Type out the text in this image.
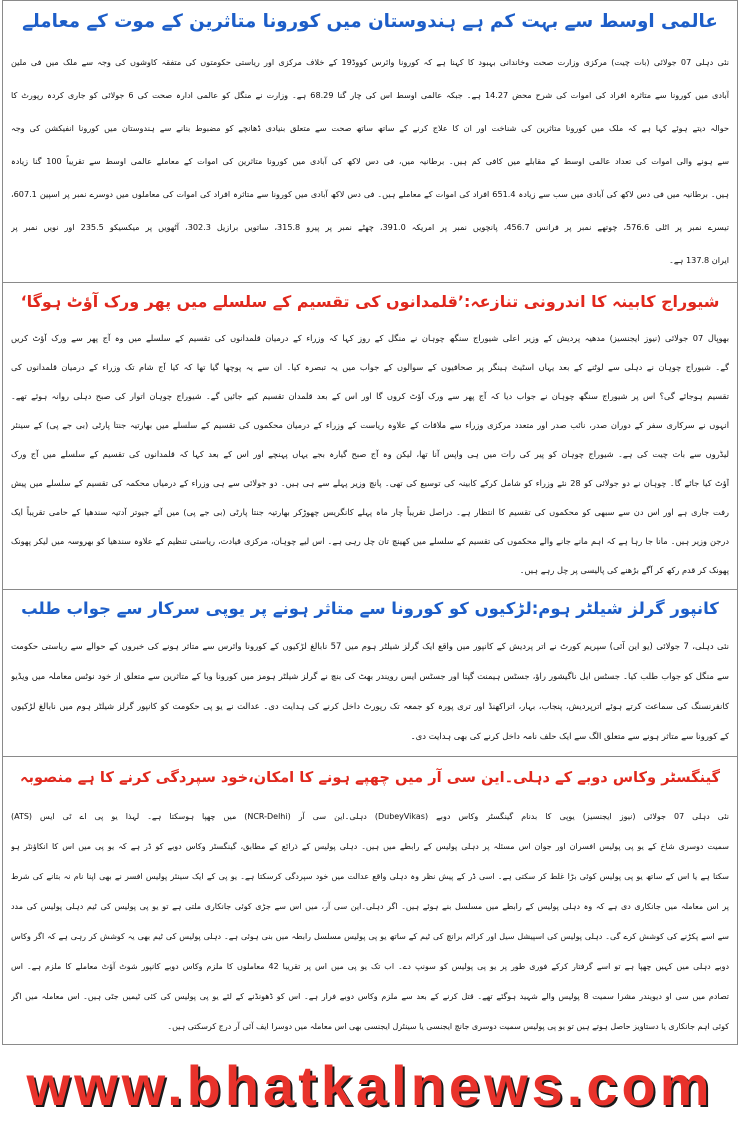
عالمی اوسط سے بہت کم ہے ہندوستان میں کورونا متاثرین کے موت کے معاملے
نئی دہلی 07 جولائی (بات چیت) مرکزی وزارت صحت وخاندانی بہبود کا کہنا ہے کہ کورونا وائرس کووڈ19 کے خلاف مرکزی اور ریاستی حکومتوں کی متفقہ کاوشوں کی وجہ سے ملک میں فی ملین
آبادی میں کورونا سے متاثرہ افراد کی اموات کی شرح محض 14.27 ہے۔ جبکہ عالمی اوسط اس کی چار گنا 68.29 ہے۔ وزارت نے منگل کو عالمی ادارہ صحت کی 6 جولائی کو جاری کردہ رپورٹ کا
حوالہ دیتے ہوئے کہا ہے کہ ملک میں کورونا متاثرین کی شناخت اور ان کا علاج کرنے کے ساتھ ساتھ صحت سے متعلق بنیادی ڈھانچے کو مضبوط بنانے سے ہندوستان میں کورونا انفیکشن کی وجہ
سے ہونے والی اموات کی تعداد عالمی اوسط کے مقابلے میں کافی کم ہیں۔ برطانیہ میں، فی دس لاکھ کی آبادی میں کورونا متاثرین کی اموات کے معاملے عالمی اوسط سے تقریباً 100 گنا زیادہ
ہیں۔ برطانیہ میں فی دس لاکھ کی آبادی میں سب سے زیادہ 651.4 افراد کی اموات کے معاملے ہیں۔ فی دس لاکھ آبادی میں کورونا سے متاثرہ افراد کی اموات کی معاملوں میں دوسرے نمبر پر اسپین 607.1،
تیسرے نمبر پر اٹلی 576.6، چوتھے نمبر پر فرانس 456.7، پانچویں نمبر پر امریکہ 391.0، چھٹے نمبر پر پیرو 315.8، ساتویں برازیل 302.3، آٹھویں پر میکسیکو 235.5 اور نویں نمبر پر
ایران 137.8 ہے۔
شیوراج کابینہ کا اندرونی تنازعہ:’قلمدانوں کی تقسیم کے سلسلے میں پھر ورک آؤٹ ہوگا‘
بھوپال 07 جولائی (نیوز ایجنسیز) مدھیہ پردیش کے وزیر اعلی شیوراج سنگھ چوہان نے منگل کے روز کہا کہ وزراء کے درمیان قلمدانوں کی تقسیم کے سلسلے میں وہ آج پھر سے ورک آؤٹ کریں
گے۔ شیوراج چوہان نے دہلی سے لوٹنے کے بعد یہاں اسٹیٹ ہینگر پر صحافیوں کے سوالوں کے جواب میں یہ تبصرہ کیا۔ ان سے یہ پوچھا گیا تھا کہ کیا آج شام تک وزراء کے درمیان قلمدانوں کی
تقسیم ہوجائے گی؟ اس پر شیوراج سنگھ چوہان نے جواب دیا کہ آج پھر سے ورک آؤٹ کروں گا اور اس کے بعد قلمدان تقسیم کیے جائیں گے۔ شیوراج چوہان اتوار کی صبح دہلی روانہ ہوئے تھے۔
انہوں نے سرکاری سفر کے دوران صدر، نائب صدر اور متعدد مرکزی وزراء سے ملاقات کے علاوہ ریاست کے وزراء کے درمیان محکموں کی تقسیم کے سلسلے میں بھارتیہ جنتا پارٹی (بی جے پی) کے سینئر
لیڈروں سے بات چیت کی ہے۔ شیوراج چوہان کو پیر کی رات میں ہی واپس آنا تھا، لیکن وہ آج صبح گیارہ بجے یہاں پہنچے اور اس کے بعد کہا کہ قلمدانوں کی تقسیم کے سلسلے میں آج ورک
آؤٹ کیا جائے گا۔ چوہان نے دو جولائی کو 28 نئے وزراء کو شامل کرکے کابینہ کی توسیع کی تھی۔ پانچ وزیر پہلے سے ہی ہیں۔ دو جولائی سے ہی وزراء کے درمیاں محکمہ کی تقسیم کے سلسلے میں پیش
رفت جاری ہے اور اس دن سے سبھی کو محکموں کی تقسیم کا انتظار ہے۔ دراصل تقریباً چار ماہ پہلے کانگریس چھوڑکر بھارتیہ جنتا پارٹی (بی جے پی) میں آئے جیوتر آدتیہ سندھیا کے حامی تقریباً ایک
درجن وزیر ہیں۔ مانا جا رہا ہے کہ اہم مانے جانے والے محکموں کی تقسیم کے سلسلے میں کھینچ تان چل رہی ہے۔ اس لیے چوہان، مرکزی قیادت، ریاستی تنظیم کے علاوہ سندھیا کو بھروسہ میں لیکر پھونک
پھونک کر قدم رکھ کر آگے بڑھنے کی پالیسی پر چل رہے ہیں۔
کانپور گرلز شیلٹر ہوم:لڑکیوں کو کورونا سے متاثر ہونے پر یوپی سرکار سے جواب طلب
نئی دہلی، 7 جولائی (یو این آئی) سپریم کورٹ نے اتر پردیش کے کانپور میں واقع ایک گرلز شیلٹر ہوم میں 57 نابالغ لڑکیوں کے کورونا وائرس سے متاثر ہونے کی خبروں کے حوالے سے ریاستی حکومت
سے منگل کو جواب طلب کیا۔ جسٹس ایل ناگیشور راؤ، جسٹس ہیمنت گپتا اور جسٹس ایس رویندر بھٹ کی بنچ نے گرلز شیلٹر ہومز میں کورونا وبا کے متاثرین سے متعلق از خود نوٹس معاملہ میں ویڈیو
کانفرنسنگ کی سماعت کرتے ہوئے اترپردیش، پنجاب، بہار، اتراکھنڈ اور تری پورہ کو جمعہ تک رپورٹ داخل کرنے کی ہدایت دی۔ عدالت نے یو پی حکومت کو کانپور گرلز شیلٹر ہوم میں نابالغ لڑکیوں
کے کورونا سے متاثر ہونے سے متعلق الگ سے ایک حلف نامہ داخل کرنے کی بھی ہدایت دی۔
گینگسٹر وکاس دوبے کے دہلی۔این سی آر میں چھپے ہونے کا امکان،خود سپردگی کرنے کا ہے منصوبہ
نئی دہلی 07 جولائی (نیوز ایجنسیز) یوپی کا بدنام گینگسٹر وکاس دوبے (DubeyVikas) دہلی۔این سی آر (NCR-Delhi) میں چھپا ہوسکتا ہے۔ لہذا یو پی اے ٹی ایس (ATS)
سمیت دوسری شاخ کے یو پی پولیس افسران اور جوان اس مسئلہ پر دہلی پولیس کے رابطے میں ہیں۔ دہلی پولیس کے ذرائع کے مطابق، گینگسٹر وکاس دوبے کو ڈر ہے کہ یو پی میں اس کا انکاؤنٹر ہو
سکتا ہے یا اس کے ساتھ یو پی پولیس کوئی بڑا غلط کر سکتی ہے۔ اسی ڈر کے پیش نظر وہ دہلی واقع عدالت میں خود سپردگی کرسکتا ہے۔ یو پی کے ایک سینئر پولیس افسر نے بھی اپنا نام نہ بتانے کی شرط
پر اس معاملہ میں جانکاری دی ہے کہ وہ دہلی پولیس کے رابطے میں مسلسل بنے ہوئے ہیں۔ اگر دہلی۔این سی آر، میں اس سے جڑی کوئی جانکاری ملتی ہے تو یو پی پولیس کی ٹیم دہلی پولیس کی مدد
سے اسے پکڑنے کی کوشش کرے گی۔ دہلی پولیس کی اسپیشل سیل اور کرائم برانچ کی ٹیم کے ساتھ یو پی پولیس مسلسل رابطہ میں بنی ہوئی ہے۔ دہلی پولیس کی ٹیم بھی یہ کوشش کر رہی ہے کہ اگر وکاس
دوبے دہلی میں کہیں چھپا ہے تو اسے گرفتار کرکے فوری طور پر یو پی پولیس کو سونپ دے۔ اب تک یو پی میں اس پر تقریبا 42 معاملوں کا ملزم وکاس دوبے کانپور شوٹ آؤٹ معاملے کا ملزم ہے۔ اس
تصادم میں سی او دیویندر مشرا سمیت 8 پولیس والے شہید ہوگئے تھے۔ قتل کرنے کے بعد سے ملزم وکاس دوبے فرار ہے۔ اس کو ڈھونڈنے کے لئے یو پی پولیس کی کئی ٹیمیں جٹی ہیں۔ اس معاملہ میں اگر
کوئی اہم جانکاری یا دستاویز حاصل ہوتے ہیں تو یو پی پولیس سمیت دوسری جانچ ایجنسی یا سینٹرل ایجنسی بھی اس معاملہ میں دوسرا ایف آئی آر درج کرسکتی ہیں۔
www.bhatkalnews.com
